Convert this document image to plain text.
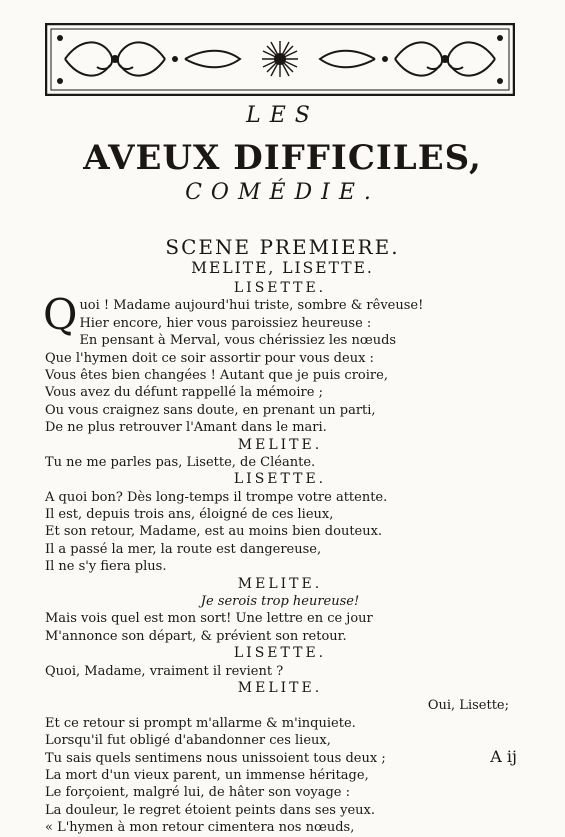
LES
AVEUX DIFFICILES,
COMÉDIE.
SCENE PREMIERE.
MELITE, LISETTE.
LISETTE.
Quoi ! Madame aujourd'hui triste, sombre & rêveuse!
Hier encore, hier vous paroissiez heureuse :
En pensant à Merval, vous chérissiez les nœuds
Que l'hymen doit ce soir assortir pour vous deux :
Vous êtes bien changées ! Autant que je puis croire,
Vous avez du défunt rappellé la mémoire ;
Ou vous craignez sans doute, en prenant un parti,
De ne plus retrouver l'Amant dans le mari.
MELITE.
Tu ne me parles pas, Lisette, de Cléante.
LISETTE.
A quoi bon? Dès long-temps il trompe votre attente.
Il est, depuis trois ans, éloigné de ces lieux,
Et son retour, Madame, est au moins bien douteux.
Il a passé la mer, la route est dangereuse,
Il ne s'y fiera plus.
MELITE.
Je serois trop heureuse!
Mais vois quel est mon sort! Une lettre en ce jour
M'annonce son départ, & prévient son retour.
LISETTE.
Quoi, Madame, vraiment il revient ?
MELITE.
Oui, Lisette;
Et ce retour si prompt m'allarme & m'inquiete.
Lorsqu'il fut obligé d'abandonner ces lieux,
Tu sais quels sentimens nous unissoient tous deux ;
La mort d'un vieux parent, un immense héritage,
Le forçoient, malgré lui, de hâter son voyage :
La douleur, le regret étoient peints dans ses yeux.
« L'hymen à mon retour cimentera nos nœuds,
A ij
